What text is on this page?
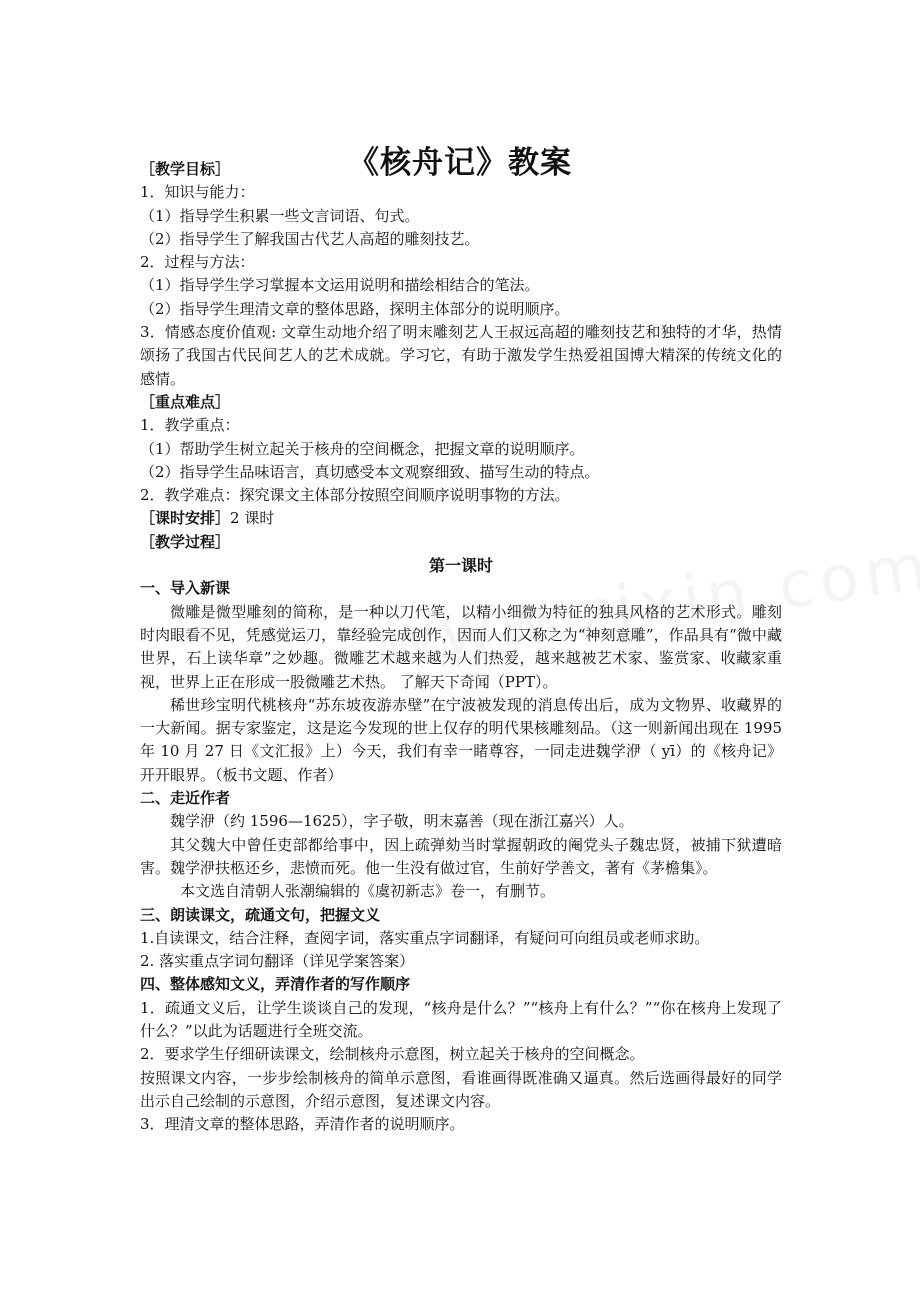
《核舟记》教案

［教学目标］

1．知识与能力：

（1）指导学生积累一些文言词语、句式。

（2）指导学生了解我国古代艺人高超的雕刻技艺。

2．过程与方法：

（1）指导学生学习掌握本文运用说明和描绘相结合的笔法。

（2）指导学生理清文章的整体思路，探明主体部分的说明顺序。

3．情感态度价值观: 文章生动地介绍了明末雕刻艺人王叔远高超的雕刻技艺和独特的才华，热情颂扬了我国古代民间艺人的艺术成就。学习它，有助于激发学生热爱祖国博大精深的传统文化的感情。

［重点难点］

1．教学重点：

（1）帮助学生树立起关于核舟的空间概念，把握文章的说明顺序。

（2）指导学生品味语言，真切感受本文观察细致、描写生动的特点。

2．教学难点：探究课文主体部分按照空间顺序说明事物的方法。

［课时安排］2 课时

［教学过程］

第一课时

一、导入新课

微雕是微型雕刻的简称，是一种以刀代笔，以精小细微为特征的独具风格的艺术形式。雕刻时肉眼看不见，凭感觉运刀，靠经验完成创作，因而人们又称之为“神刻意雕”，作品具有“微中藏世界，石上读华章”之妙趣。微雕艺术越来越为人们热爱，越来越被艺术家、鉴赏家、收藏家重视，世界上正在形成一股微雕艺术热。 了解天下奇闻（PPT）。

稀世珍宝明代桃核舟“苏东坡夜游赤壁”在宁波被发现的消息传出后，成为文物界、收藏界的一大新闻。据专家鉴定，这是迄今发现的世上仅存的明代果核雕刻品。（这一则新闻出现在 1995 年 10 月 27 日《文汇报》上）今天，我们有幸一睹尊容，一同走进魏学洢（ yī）的《核舟记》开开眼界。（板书文题、作者）

二、走近作者

魏学洢（约 1596—1625），字子敬，明末嘉善（现在浙江嘉兴）人。

其父魏大中曾任吏部都给事中，因上疏弹劾当时掌握朝政的阉党头子魏忠贤，被捕下狱遭暗害。魏学洢扶柩还乡，悲愤而死。他一生没有做过官，生前好学善文，著有《茅檐集》。

本文选自清朝人张潮编辑的《虞初新志》卷一，有删节。

三、朗读课文，疏通文句，把握文义

1.自读课文，结合注释，查阅字词，落实重点字词翻译，有疑问可向组员或老师求助。

2. 落实重点字词句翻译（详见学案答案）

四、整体感知文义，弄清作者的写作顺序

1．疏通文义后，让学生谈谈自己的发现，“核舟是什么？”“核舟上有什么？”“你在核舟上发现了什么？”以此为话题进行全班交流。

2．要求学生仔细研读课文，绘制核舟示意图，树立起关于核舟的空间概念。

按照课文内容，一步步绘制核舟的简单示意图，看谁画得既准确又逼真。然后选画得最好的同学出示自己绘制的示意图，介绍示意图，复述课文内容。

3．理清文章的整体思路，弄清作者的说明顺序。
